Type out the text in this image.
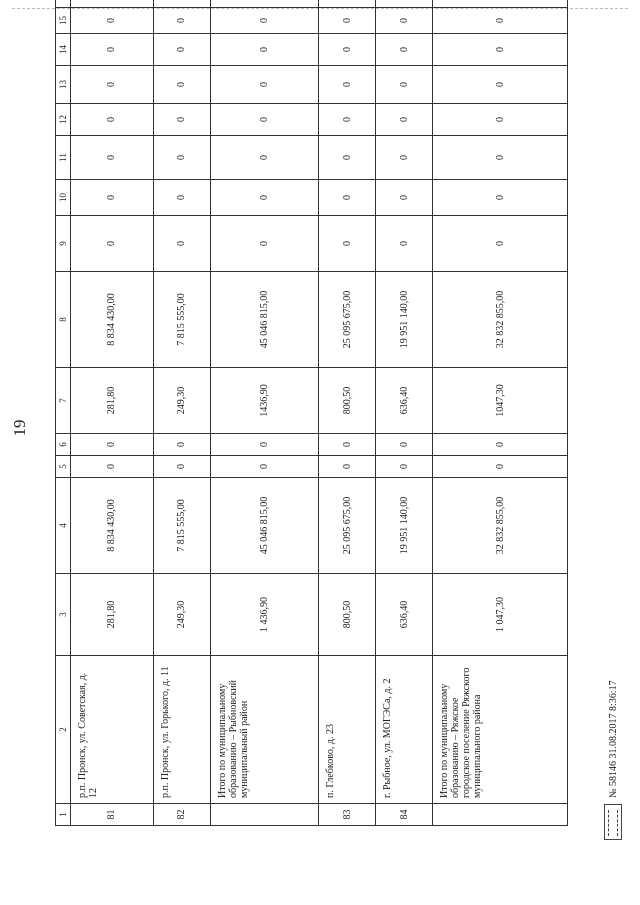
19
1	2	3	4	5	6	7	8	9	10	11	12	13	14	15	
81	р.п. Пронск, ул. Советская, д. 12	281,80	8 834 430,00	0	0	281,80	8 834 430,00	0	0	0	0	0	0	0	
82	р.п. Пронск, ул. Горького, д. 11	249,30	7 815 555,00	0	0	249,30	7 815 555,00	0	0	0	0	0	0	0	
	Итого по муниципальному образованию – Рыбновский муниципальный район	1 436,90	45 046 815,00	0	0	1436,90	45 046 815,00	0	0	0	0	0	0	0	
83	п. Глебково, д. 23	800,50	25 095 675,00	0	0	800,50	25 095 675,00	0	0	0	0	0	0	0	
84	г. Рыбное, ул. МОГЭСа, д. 2	636,40	19 951 140,00	0	0	636,40	19 951 140,00	0	0	0	0	0	0	0	
	Итого по муниципальному образованию – Ряжское городское поселение Ряжского муниципального района	1 047,30	32 832 855,00	0	0	1047,30	32 832 855,00	0	0	0	0	0	0	0	
№ 58146 31.08.2017 8:36:17
